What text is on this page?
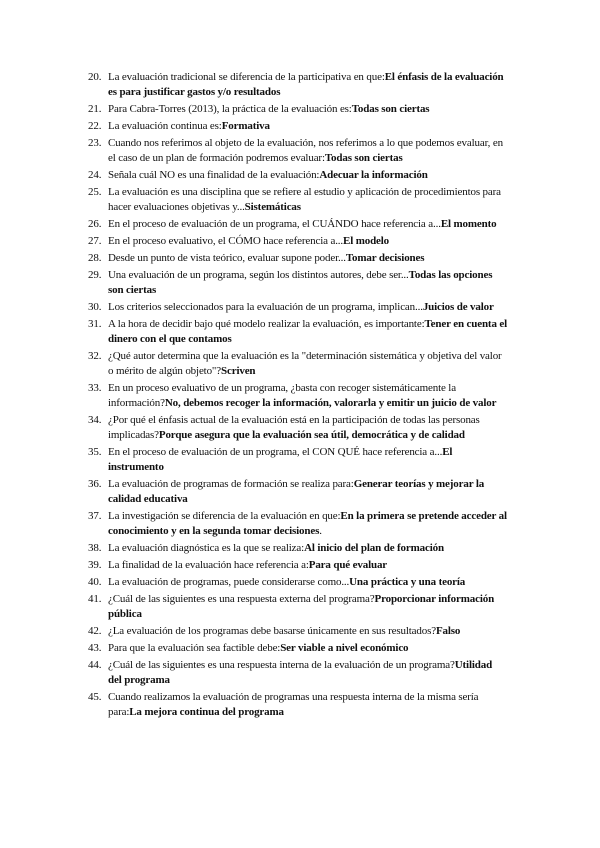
20. La evaluación tradicional se diferencia de la participativa en que:El énfasis de la evaluación es para justificar gastos y/o resultados
21. Para Cabra-Torres (2013), la práctica de la evaluación es:Todas son ciertas
22. La evaluación continua es:Formativa
23. Cuando nos referimos al objeto de la evaluación, nos referimos a lo que podemos evaluar, en el caso de un plan de formación podremos evaluar:Todas son ciertas
24. Señala cuál NO es una finalidad de la evaluación:Adecuar la información
25. La evaluación es una disciplina que se refiere al estudio y aplicación de procedimientos para hacer evaluaciones objetivas y...Sistemáticas
26. En el proceso de evaluación de un programa, el CUÁNDO hace referencia a...El momento
27. En el proceso evaluativo, el CÓMO hace referencia a...El modelo
28. Desde un punto de vista teórico, evaluar supone poder...Tomar decisiones
29. Una evaluación de un programa, según los distintos autores, debe ser...Todas las opciones son ciertas
30. Los criterios seleccionados para la evaluación de un programa, implican...Juicios de valor
31. A la hora de decidir bajo qué modelo realizar la evaluación, es importante:Tener en cuenta el dinero con el que contamos
32. ¿Qué autor determina que la evaluación es la "determinación sistemática y objetiva del valor o mérito de algún objeto"?Scriven
33. En un proceso evaluativo de un programa, ¿basta con recoger sistemáticamente la información?No, debemos recoger la información, valorarla y emitir un juicio de valor
34. ¿Por qué el énfasis actual de la evaluación está en la participación de todas las personas implicadas?Porque asegura que la evaluación sea útil, democrática y de calidad
35. En el proceso de evaluación de un programa, el CON QUÉ hace referencia a...El instrumento
36. La evaluación de programas de formación se realiza para:Generar teorías y mejorar la calidad educativa
37. La investigación se diferencia de la evaluación en que:En la primera se pretende acceder al conocimiento y en la segunda tomar decisiones.
38. La evaluación diagnóstica es la que se realiza:Al inicio del plan de formación
39. La finalidad de la evaluación hace referencia a:Para qué evaluar
40. La evaluación de programas, puede considerarse como...Una práctica y una teoría
41. ¿Cuál de las siguientes es una respuesta externa del programa?Proporcionar información pública
42. ¿La evaluación de los programas debe basarse únicamente en sus resultados?Falso
43. Para que la evaluación sea factible debe:Ser viable a nivel económico
44. ¿Cuál de las siguientes es una respuesta interna de la evaluación de un programa?Utilidad del programa
45. Cuando realizamos la evaluación de programas una respuesta interna de la misma sería para:La mejora continua del programa
